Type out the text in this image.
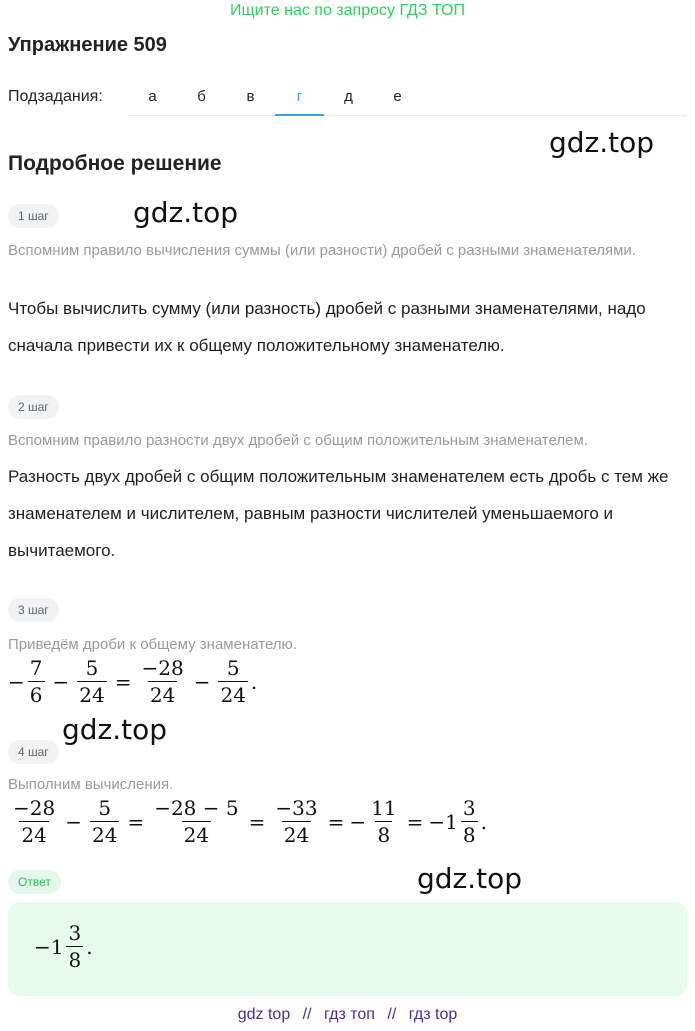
Ищите нас по запросу ГДЗ ТОП
Упражнение 509
Подзадания:	а	б	в	г	д	е
Подробное решение
gdz.top
1 шаг	gdz.top
Вспомним правило вычисления суммы (или разности) дробей с разными знаменателями.
Чтобы вычислить сумму (или разность) дробей с разными знаменателями, надо сначала привести их к общему положительному знаменателю.
2 шаг
Вспомним правило разности двух дробей с общим положительным знаменателем.
Разность двух дробей с общим положительным знаменателем есть дробь с тем же знаменателем и числителем, равным разности числителей уменьшаемого и вычитаемого.
3 шаг
Приведём дроби к общему знаменателю.
− $\frac{7}{6} - \frac{5}{24} = \frac{-28}{24} - \frac{5}{24}$ .
gdz.top
4 шаг
Выполним вычисления.
$\frac{-28}{24} - \frac{5}{24} = \frac{-28 - 5}{24} = \frac{-33}{24}$ = − $\frac{11}{8} = -1 \frac{3}{8}$ .
Ответ	gdz.top
$-1 \frac{3}{8}$ .
gdz top // гдз топ // гдз top
